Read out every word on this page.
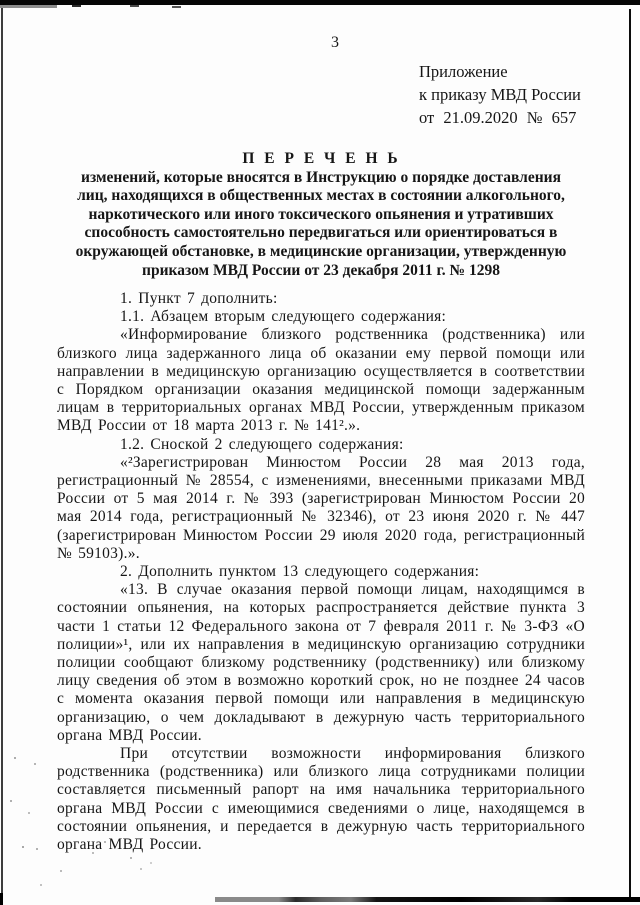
3
Приложение
к приказу МВД России
от 21.09.2020 № 657
П Е Р Е Ч Е Н Ь
изменений, которые вносятся в Инструкцию о порядке доставления
лиц, находящихся в общественных местах в состоянии алкогольного,
наркотического или иного токсического опьянения и утративших
способность самостоятельно передвигаться или ориентироваться в
окружающей обстановке, в медицинские организации, утвержденную
приказом МВД России от 23 декабря 2011 г. № 1298

1. Пункт 7 дополнить:

1.1. Абзацем вторым следующего содержания:

«Информирование близкого родственника (родственника) или близкого лица задержанного лица об оказании ему первой помощи или направлении в медицинскую организацию осуществляется в соответствии с Порядком организации оказания медицинской помощи задержанным лицам в территориальных органах МВД России, утвержденным приказом МВД России от 18 марта 2013 г. № 141².».

1.2. Сноской 2 следующего содержания:

«²Зарегистрирован Минюстом России 28 мая 2013 года, регистрационный № 28554, с изменениями, внесенными приказами МВД России от 5 мая 2014 г. № 393 (зарегистрирован Минюстом России 20 мая 2014 года, регистрационный № 32346), от 23 июня 2020 г. № 447 (зарегистрирован Минюстом России 29 июля 2020 года, регистрационный № 59103).».

2. Дополнить пунктом 13 следующего содержания:

«13. В случае оказания первой помощи лицам, находящимся в состоянии опьянения, на которых распространяется действие пункта 3 части 1 статьи 12 Федерального закона от 7 февраля 2011 г. № 3-ФЗ «О полиции»¹, или их направления в медицинскую организацию сотрудники полиции сообщают близкому родственнику (родственнику) или близкому лицу сведения об этом в возможно короткий срок, но не позднее 24 часов с момента оказания первой помощи или направления в медицинскую организацию, о чем докладывают в дежурную часть территориального органа МВД России.

При отсутствии возможности информирования близкого родственника (родственника) или близкого лица сотрудниками полиции составляется письменный рапорт на имя начальника территориального органа МВД России с имеющимися сведениями о лице, находящемся в состоянии опьянения, и передается в дежурную часть территориального органа МВД России.
